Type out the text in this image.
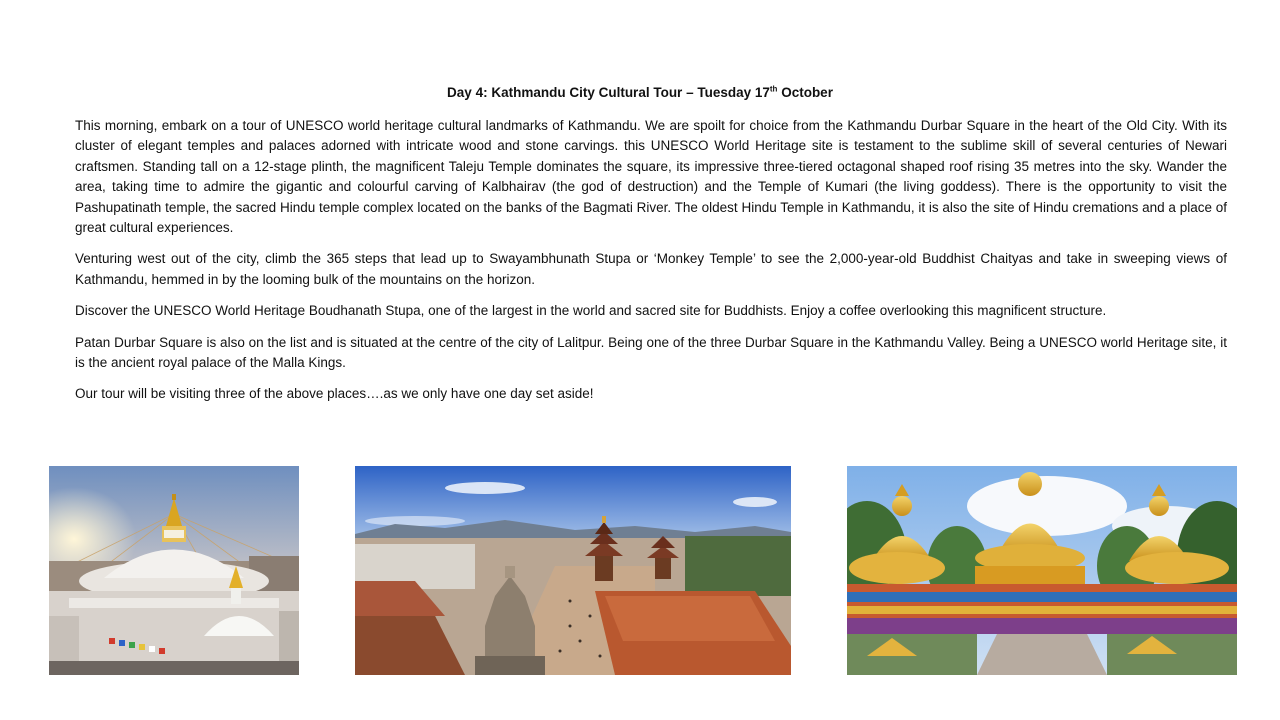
Day 4: Kathmandu City Cultural Tour – Tuesday 17th October

This morning, embark on a tour of UNESCO world heritage cultural landmarks of Kathmandu. We are spoilt for choice from the Kathmandu Durbar Square in the heart of the Old City. With its cluster of elegant temples and palaces adorned with intricate wood and stone carvings. this UNESCO World Heritage site is testament to the sublime skill of several centuries of Newari craftsmen. Standing tall on a 12-stage plinth, the magnificent Taleju Temple dominates the square, its impressive three-tiered octagonal shaped roof rising 35 metres into the sky. Wander the area, taking time to admire the gigantic and colourful carving of Kalbhairav (the god of destruction) and the Temple of Kumari (the living goddess). There is the opportunity to visit the Pashupatinath temple, the sacred Hindu temple complex located on the banks of the Bagmati River. The oldest Hindu Temple in Kathmandu, it is also the site of Hindu cremations and a place of great cultural experiences.

Venturing west out of the city, climb the 365 steps that lead up to Swayambhunath Stupa or ‘Monkey Temple’ to see the 2,000-year-old Buddhist Chaityas and take in sweeping views of Kathmandu, hemmed in by the looming bulk of the mountains on the horizon.

Discover the UNESCO World Heritage Boudhanath Stupa, one of the largest in the world and sacred site for Buddhists. Enjoy a coffee overlooking this magnificent structure.

Patan Durbar Square is also on the list and is situated at the centre of the city of Lalitpur. Being one of the three Durbar Square in the Kathmandu Valley. Being a UNESCO world Heritage site, it is the ancient royal palace of the Malla Kings.

Our tour will be visiting three of the above places….as we only have one day set aside!
